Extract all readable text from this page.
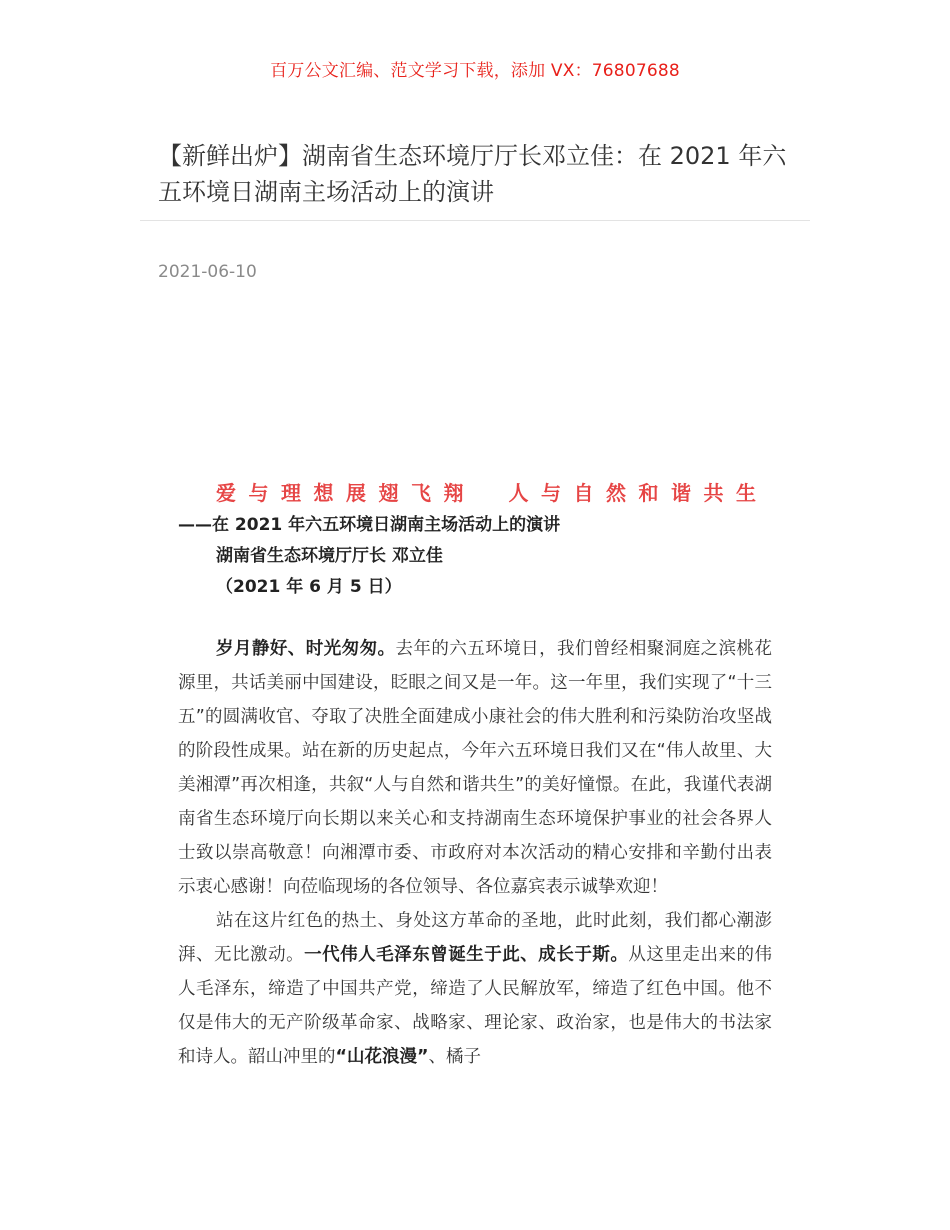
百万公文汇编、范文学习下载，添加 VX：76807688
【新鲜出炉】湖南省生态环境厅厅长邓立佳：在 2021 年六五环境日湖南主场活动上的演讲
2021-06-10
爱与理想展翅飞翔　人与自然和谐共生
——在 2021 年六五环境日湖南主场活动上的演讲
湖南省生态环境厅厅长 邓立佳
（2021 年 6 月 5 日）

岁月静好、时光匆匆。去年的六五环境日，我们曾经相聚洞庭之滨桃花源里，共话美丽中国建设，眨眼之间又是一年。这一年里，我们实现了“十三五”的圆满收官、夺取了决胜全面建成小康社会的伟大胜利和污染防治攻坚战的阶段性成果。站在新的历史起点，今年六五环境日我们又在“伟人故里、大美湘潭”再次相逢，共叙“人与自然和谐共生”的美好憧憬。在此，我谨代表湖南省生态环境厅向长期以来关心和支持湖南生态环境保护事业的社会各界人士致以崇高敬意！向湘潭市委、市政府对本次活动的精心安排和辛勤付出表示衷心感谢！向莅临现场的各位领导、各位嘉宾表示诚挚欢迎！

站在这片红色的热土、身处这方革命的圣地，此时此刻，我们都心潮澎湃、无比激动。一代伟人毛泽东曾诞生于此、成长于斯。从这里走出来的伟人毛泽东，缔造了中国共产党，缔造了人民解放军，缔造了红色中国。他不仅是伟大的无产阶级革命家、战略家、理论家、政治家，也是伟大的书法家和诗人。韶山冲里的“山花浪漫”、橘子
